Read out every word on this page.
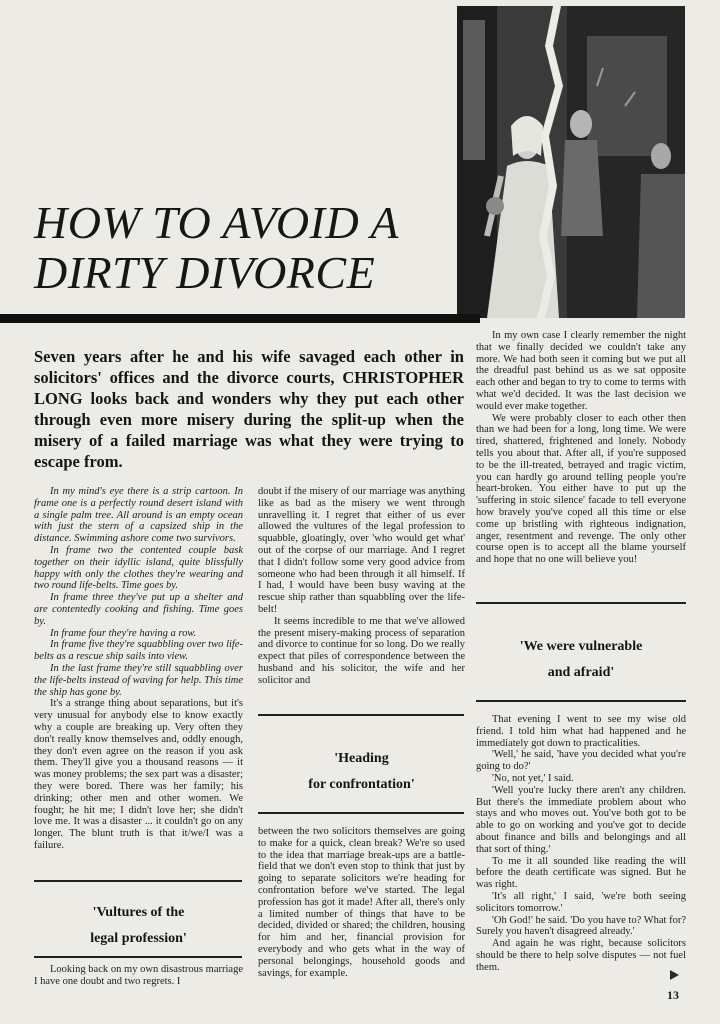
HOW TO AVOID A
DIRTY DIVORCE
Seven years after he and his wife savaged each other in solicitors' offices and the divorce courts, CHRISTOPHER LONG looks back and wonders why they put each other through even more misery during the split-up when the misery of a failed marriage was what they were trying to escape from.

In my mind's eye there is a strip cartoon. In frame one is a perfectly round desert island with a single palm tree. All around is an empty ocean with just the stern of a capsized ship in the distance. Swimming ashore come two survivors.

In frame two the contented couple bask together on their idyllic island, quite blissfully happy with only the clothes they're wearing and two round life-belts. Time goes by.

In frame three they've put up a shelter and are contentedly cooking and fishing. Time goes by.

In frame four they're having a row.

In frame five they're squabbling over two life-belts as a rescue ship sails into view.

In the last frame they're still squabbling over the life-belts instead of waving for help. This time the ship has gone by.

It's a strange thing about separations, but it's very unusual for anybody else to know exactly why a couple are breaking up. Very often they don't really know themselves and, oddly enough, they don't even agree on the reason if you ask them. They'll give you a thousand reasons — it was money problems; the sex part was a disaster; they were bored. There was her family; his drinking; other men and other women. We fought; he hit me; I didn't love her; she didn't love me. It was a disaster ... it couldn't go on any longer. The blunt truth is that it/we/I was a failure.

'Vultures of the
legal profession'

Looking back on my own disastrous marriage I have one doubt and two regrets. I

doubt if the misery of our marriage was anything like as bad as the misery we went through unravelling it. I regret that either of us ever allowed the vultures of the legal profession to squabble, gloatingly, over 'who would get what' out of the corpse of our marriage. And I regret that I didn't follow some very good advice from someone who had been through it all himself. If I had, I would have been busy waving at the rescue ship rather than squabbling over the life-belt!

It seems incredible to me that we've allowed the present misery-making process of separation and divorce to continue for so long. Do we really expect that piles of correspondence between the husband and his solicitor, the wife and her solicitor and

'Heading
for confrontation'

between the two solicitors themselves are going to make for a quick, clean break? We're so used to the idea that marriage break-ups are a battle-field that we don't even stop to think that just by going to separate solicitors we're heading for confrontation before we've started. The legal profession has got it made! After all, there's only a limited number of things that have to be decided, divided or shared; the children, housing for him and her, financial provision for everybody and who gets what in the way of personal belongings, household goods and savings, for example.

In my own case I clearly remember the night that we finally decided we couldn't take any more. We had both seen it coming but we put all the dreadful past behind us as we sat opposite each other and began to try to come to terms with what we'd decided. It was the last decision we would ever make together.

We were probably closer to each other then than we had been for a long, long time. We were tired, shattered, frightened and lonely. Nobody tells you about that. After all, if you're supposed to be the ill-treated, betrayed and tragic victim, you can hardly go around telling people you're heart-broken. You either have to put up the 'suffering in stoic silence' facade to tell everyone how bravely you've coped all this time or else come up bristling with righteous indignation, anger, resentment and revenge. The only other course open is to accept all the blame yourself and hope that no one will believe you!

'We were vulnerable
and afraid'

That evening I went to see my wise old friend. I told him what had happened and he immediately got down to practicalities.

'Well,' he said, 'have you decided what you're going to do?'

'No, not yet,' I said.

'Well you're lucky there aren't any children. But there's the immediate problem about who stays and who moves out. You've both got to be able to go on working and you've got to decide about finance and bills and belongings and all that sort of thing.'

To me it all sounded like reading the will before the death certificate was signed. But he was right.

'It's all right,' I said, 'we're both seeing solicitors tomorrow.'

'Oh God!' he said. 'Do you have to? What for? Surely you haven't disagreed already.'

And again he was right, because solicitors should be there to help solve disputes — not fuel them.

13
